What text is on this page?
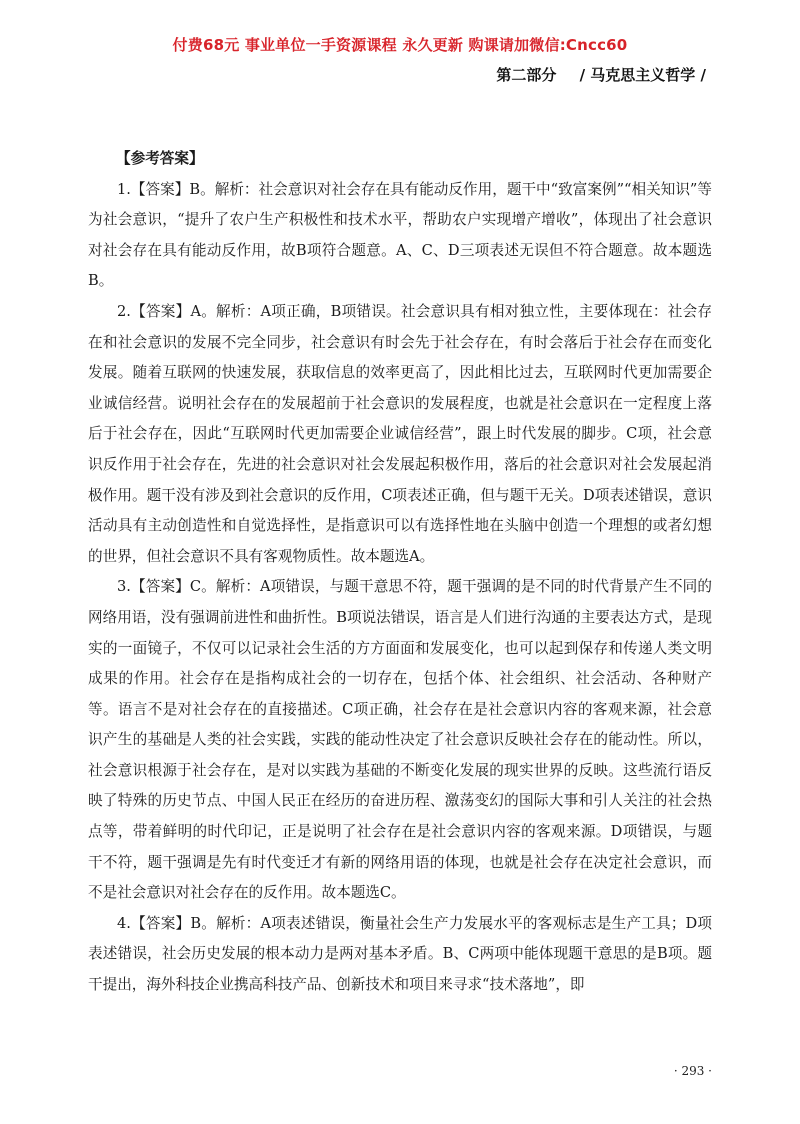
付费68元 事业单位一手资源课程 永久更新 购课请加微信:Cncc60
第二部分 / 马克思主义哲学 /

【参考答案】

1.【答案】B。解析：社会意识对社会存在具有能动反作用，题干中“致富案例”“相关知识”等为社会意识，“提升了农户生产积极性和技术水平，帮助农户实现增产增收”，体现出了社会意识对社会存在具有能动反作用，故B项符合题意。A、C、D三项表述无误但不符合题意。故本题选B。

2.【答案】A。解析：A项正确，B项错误。社会意识具有相对独立性，主要体现在：社会存在和社会意识的发展不完全同步，社会意识有时会先于社会存在，有时会落后于社会存在而变化发展。随着互联网的快速发展，获取信息的效率更高了，因此相比过去，互联网时代更加需要企业诚信经营。说明社会存在的发展超前于社会意识的发展程度，也就是社会意识在一定程度上落后于社会存在，因此“互联网时代更加需要企业诚信经营”，跟上时代发展的脚步。C项，社会意识反作用于社会存在，先进的社会意识对社会发展起积极作用，落后的社会意识对社会发展起消极作用。题干没有涉及到社会意识的反作用，C项表述正确，但与题干无关。D项表述错误，意识活动具有主动创造性和自觉选择性，是指意识可以有选择性地在头脑中创造一个理想的或者幻想的世界，但社会意识不具有客观物质性。故本题选A。

3.【答案】C。解析：A项错误，与题干意思不符，题干强调的是不同的时代背景产生不同的网络用语，没有强调前进性和曲折性。B项说法错误，语言是人们进行沟通的主要表达方式，是现实的一面镜子，不仅可以记录社会生活的方方面面和发展变化，也可以起到保存和传递人类文明成果的作用。社会存在是指构成社会的一切存在，包括个体、社会组织、社会活动、各种财产等。语言不是对社会存在的直接描述。C项正确，社会存在是社会意识内容的客观来源，社会意识产生的基础是人类的社会实践，实践的能动性决定了社会意识反映社会存在的能动性。所以，社会意识根源于社会存在，是对以实践为基础的不断变化发展的现实世界的反映。这些流行语反映了特殊的历史节点、中国人民正在经历的奋进历程、激荡变幻的国际大事和引人关注的社会热点等，带着鲜明的时代印记，正是说明了社会存在是社会意识内容的客观来源。D项错误，与题干不符，题干强调是先有时代变迁才有新的网络用语的体现，也就是社会存在决定社会意识，而不是社会意识对社会存在的反作用。故本题选C。

4.【答案】B。解析：A项表述错误，衡量社会生产力发展水平的客观标志是生产工具；D项表述错误，社会历史发展的根本动力是两对基本矛盾。B、C两项中能体现题干意思的是B项。题干提出，海外科技企业携高科技产品、创新技术和项目来寻求“技术落地”，即

· 293 ·
